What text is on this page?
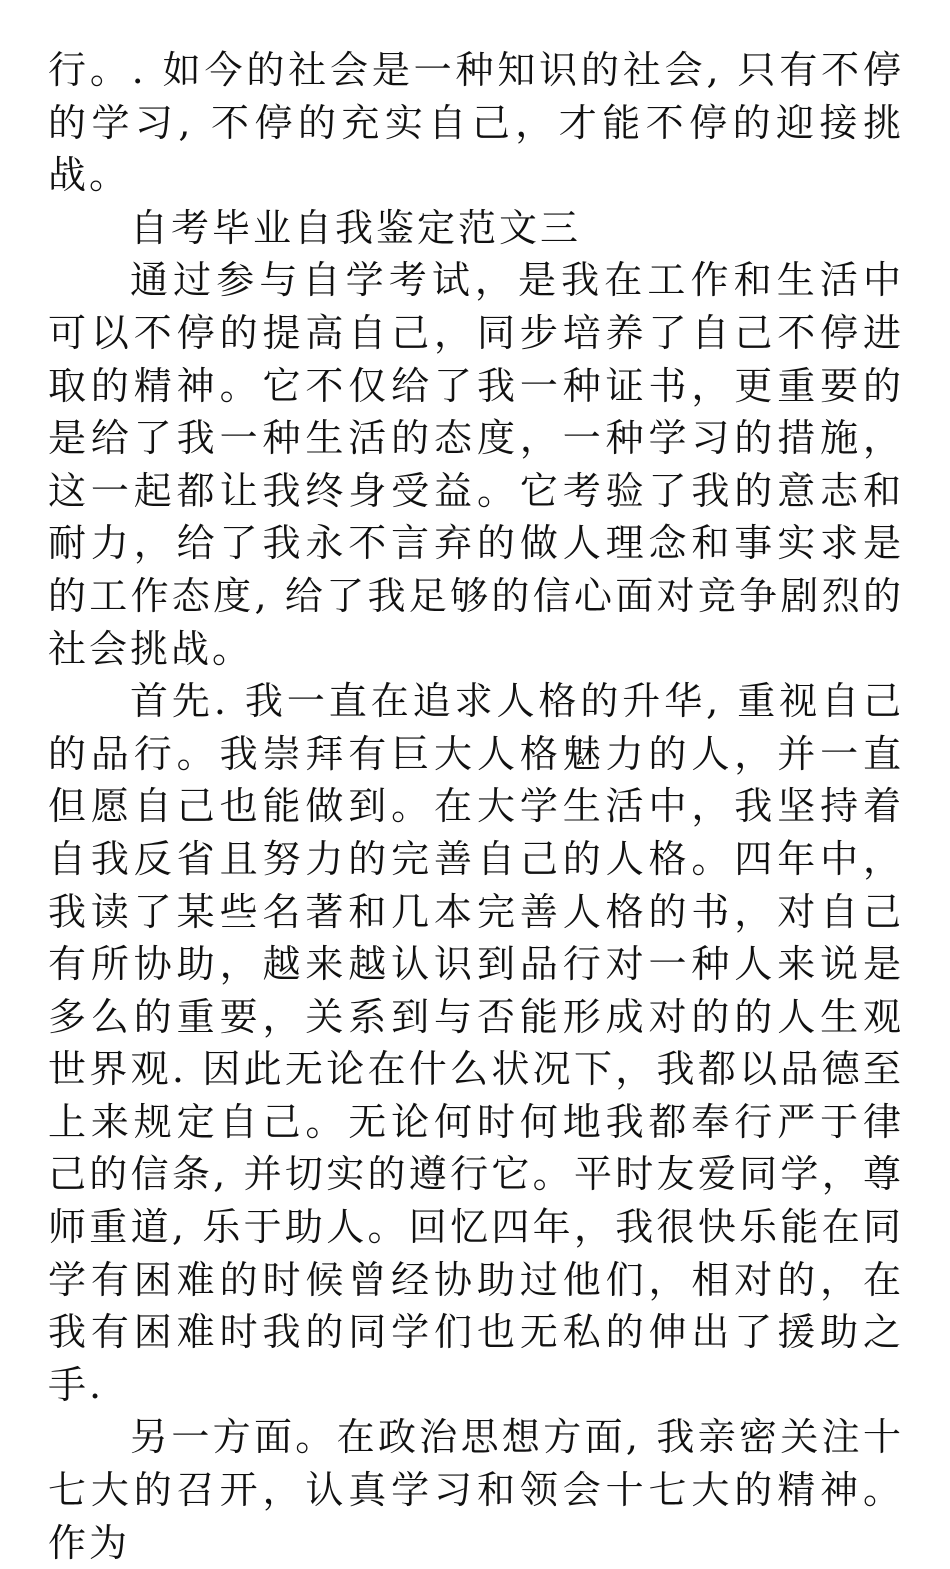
行。. 如今的社会是一种知识的社会, 只有不停的学习, 不停的充实自己，才能不停的迎接挑战。

自考毕业自我鉴定范文三

通过参与自学考试，是我在工作和生活中可以不停的提高自己，同步培养了自己不停进取的精神。它不仅给了我一种证书，更重要的是给了我一种生活的态度，一种学习的措施，这一起都让我终身受益。它考验了我的意志和耐力，给了我永不言弃的做人理念和事实求是的工作态度, 给了我足够的信心面对竞争剧烈的社会挑战。

首先. 我一直在追求人格的升华, 重视自己的品行。我崇拜有巨大人格魅力的人，并一直但愿自己也能做到。在大学生活中，我坚持着自我反省且努力的完善自己的人格。四年中，我读了某些名著和几本完善人格的书，对自己有所协助，越来越认识到品行对一种人来说是多么的重要，关系到与否能形成对的的人生观世界观. 因此无论在什么状况下，我都以品德至上来规定自己。无论何时何地我都奉行严于律己的信条, 并切实的遵行它。平时友爱同学，尊师重道, 乐于助人。回忆四年，我很快乐能在同学有困难的时候曾经协助过他们，相对的，在我有困难时我的同学们也无私的伸出了援助之手.

另一方面。在政治思想方面, 我亲密关注十七大的召开，认真学习和领会十七大的精神。作为
